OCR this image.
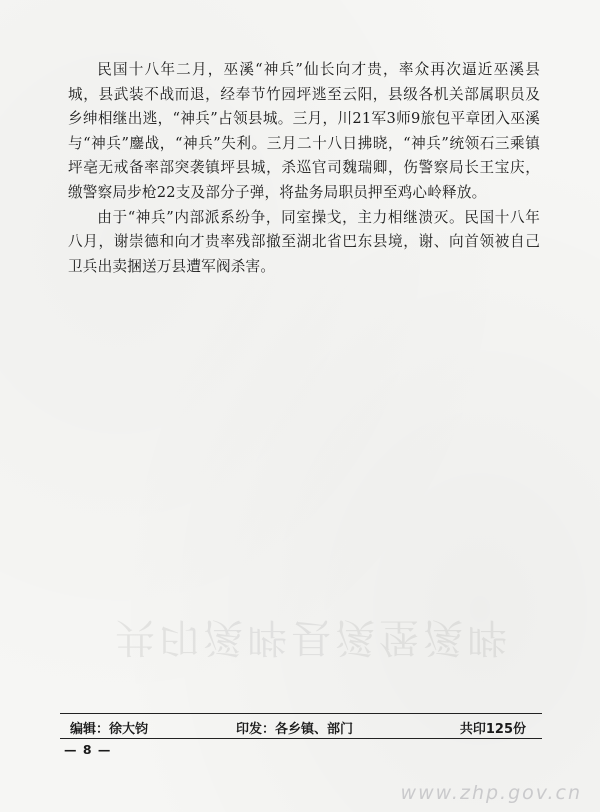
民国十八年二月，巫溪“神兵”仙长向才贵，率众再次逼近巫溪县城，县武装不战而退，经奉节竹园坪逃至云阳，县级各机关部属职员及乡绅相继出逃，“神兵”占领县城。三月，川21军3师9旅包平章团入巫溪与“神兵”鏖战，“神兵”失利。三月二十八日拂晓，“神兵”统领石三乘镇坪亳无戒备率部突袭镇坪县城，杀巡官司魏瑞卿，伤警察局长王宝庆，缴警察局步枪22支及部分子弹，将盐务局职员押至鸡心岭释放。

由于“神兵”内部派系纷争，同室操戈，主力相继溃灭。民国十八年八月，谢崇德和向才贵率残部撤至湖北省巴东县境，谢、向首领被自己卫兵出卖捆送万县遭军阀杀害。

共印溪哔县溪堡溪哔
编辑：徐大钧	印发：各乡镇、部门	共印125份
— 8 —
www.zhp.gov.cn
